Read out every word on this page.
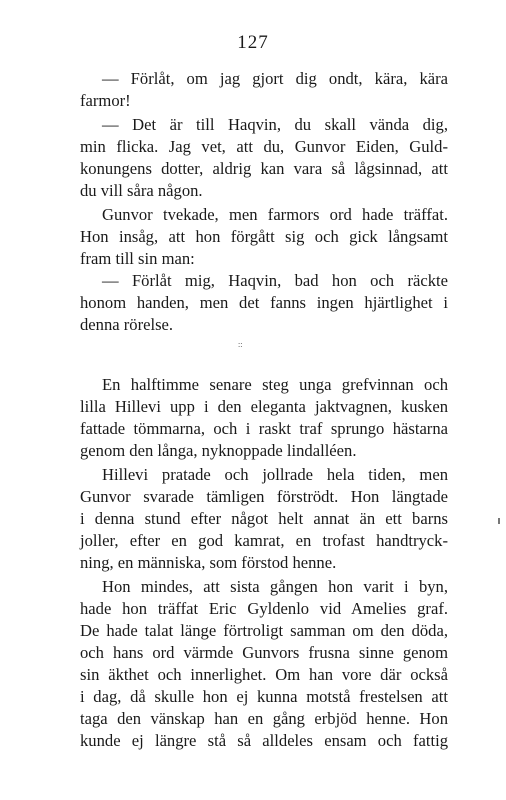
127
— Förlåt, om jag gjort dig ondt, kära, kära
farmor!
— Det är till Haqvin, du skall vända dig,
min flicka. Jag vet, att du, Gunvor Eiden, Guld-
konungens dotter, aldrig kan vara så lågsinnad, att
du vill såra någon.
Gunvor tvekade, men farmors ord hade träffat.
Hon insåg, att hon förgått sig och gick långsamt
fram till sin man:
— Förlåt mig, Haqvin, bad hon och räckte
honom handen, men det fanns ingen hjärtlighet i
denna rörelse.
En halftimme senare steg unga grefvinnan och
lilla Hillevi upp i den eleganta jaktvagnen, kusken
fattade tömmarna, och i raskt traf sprungo hästarna
genom den långa, nyknoppade lindalléen.
Hillevi pratade och jollrade hela tiden, men
Gunvor svarade tämligen förströdt. Hon längtade
i denna stund efter något helt annat än ett barns
joller, efter en god kamrat, en trofast handtryck-
ning, en människa, som förstod henne.
Hon mindes, att sista gången hon varit i byn,
hade hon träffat Eric Gyldenlo vid Amelies graf.
De hade talat länge förtroligt samman om den döda,
och hans ord värmde Gunvors frusna sinne genom
sin äkthet och innerlighet. Om han vore där också
i dag, då skulle hon ej kunna motstå frestelsen att
taga den vänskap han en gång erbjöd henne. Hon
kunde ej längre stå så alldeles ensam och fattig
::
